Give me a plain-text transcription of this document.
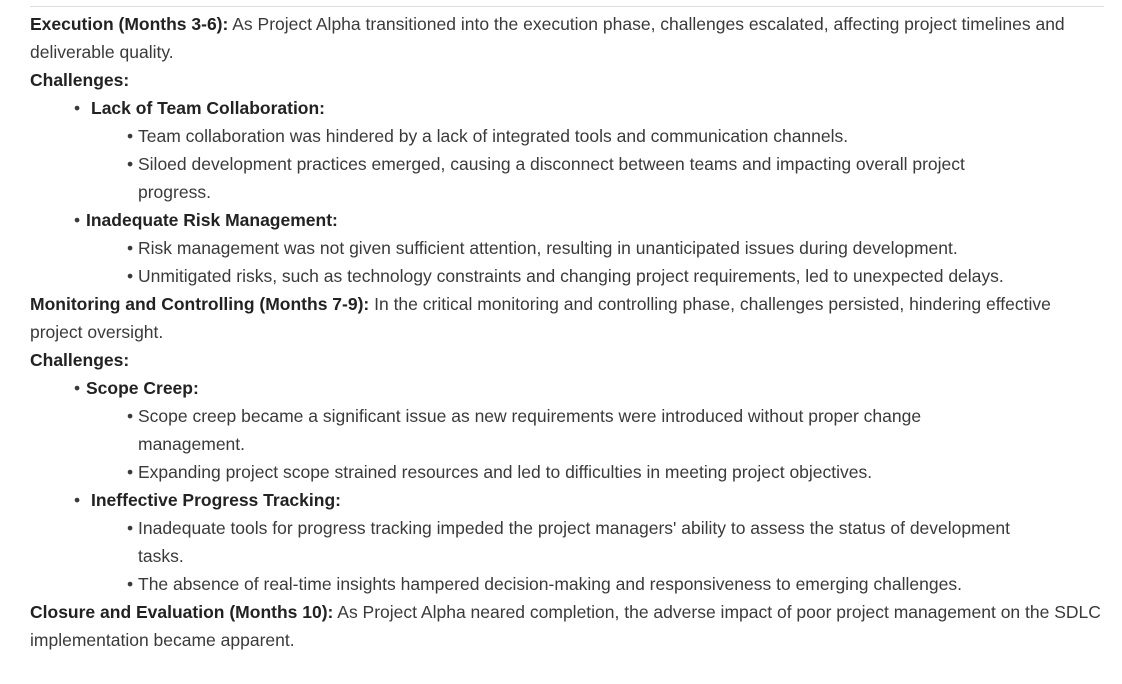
Execution (Months 3-6): As Project Alpha transitioned into the execution phase, challenges escalated, affecting project timelines and deliverable quality.

Challenges:
• Lack of Team Collaboration:
• Team collaboration was hindered by a lack of integrated tools and communication channels.
• Siloed development practices emerged, causing a disconnect between teams and impacting overall project progress.
• Inadequate Risk Management:
• Risk management was not given sufficient attention, resulting in unanticipated issues during development.
• Unmitigated risks, such as technology constraints and changing project requirements, led to unexpected delays.

Monitoring and Controlling (Months 7-9): In the critical monitoring and controlling phase, challenges persisted, hindering effective project oversight.

Challenges:
• Scope Creep:
• Scope creep became a significant issue as new requirements were introduced without proper change management.
• Expanding project scope strained resources and led to difficulties in meeting project objectives.
• Ineffective Progress Tracking:
• Inadequate tools for progress tracking impeded the project managers' ability to assess the status of development tasks.
• The absence of real-time insights hampered decision-making and responsiveness to emerging challenges.

Closure and Evaluation (Months 10): As Project Alpha neared completion, the adverse impact of poor project management on the SDLC implementation became apparent.
